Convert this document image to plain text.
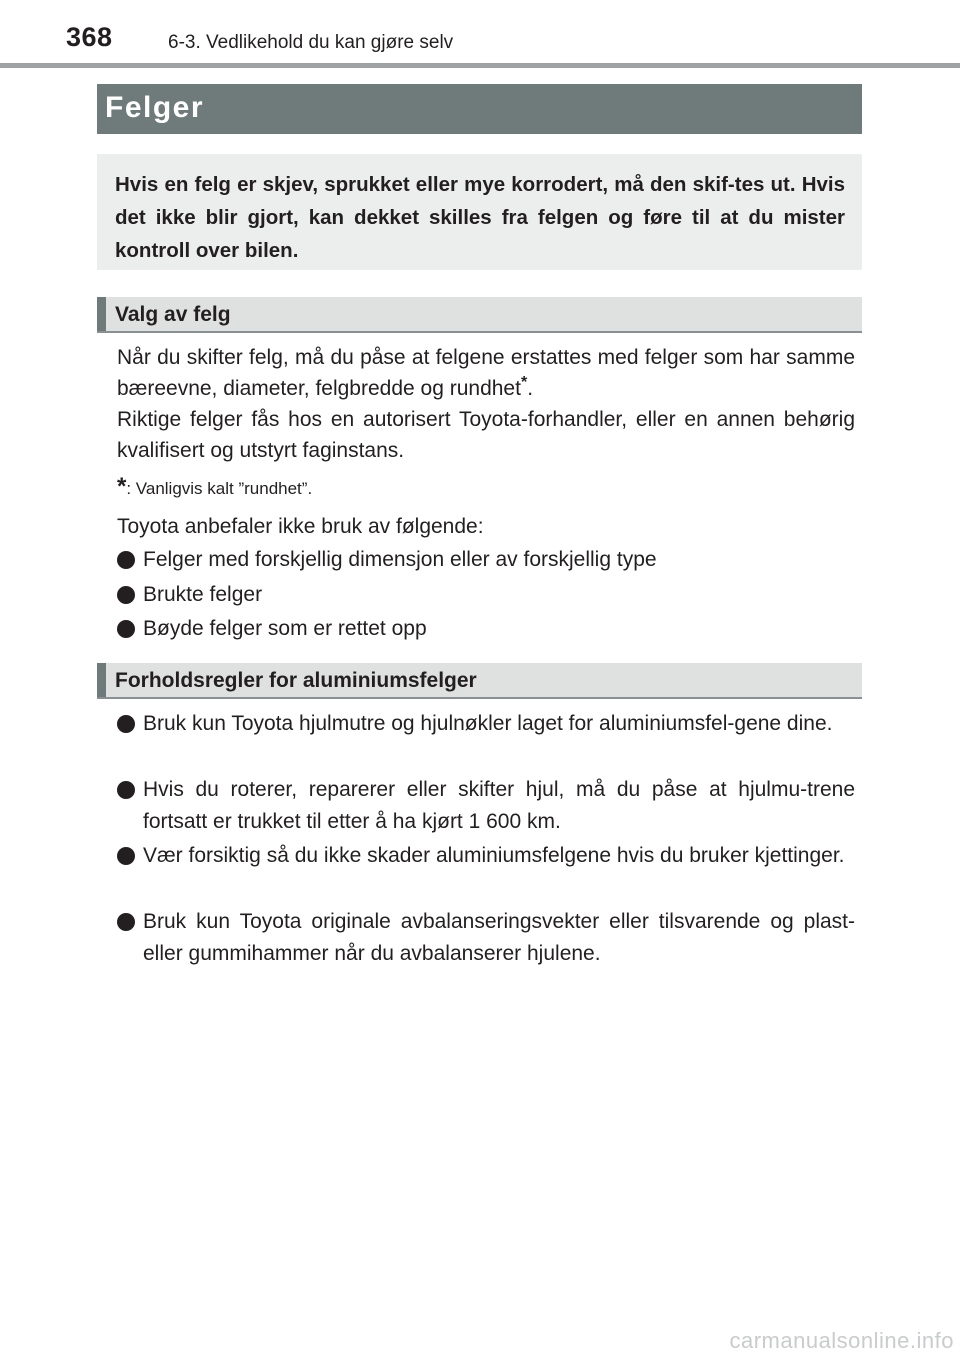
368	6-3. Vedlikehold du kan gjøre selv
Felger
Hvis en felg er skjev, sprukket eller mye korrodert, må den skif-tes ut. Hvis det ikke blir gjort, kan dekket skilles fra felgen og føre til at du mister kontroll over bilen.
Valg av felg
Når du skifter felg, må du påse at felgene erstattes med felger som har samme bæreevne, diameter, felgbredde og rundhet*.
Riktige felger fås hos en autorisert Toyota-forhandler, eller en annen behørig kvalifisert og utstyrt faginstans.
*: Vanligvis kalt ”rundhet”.
Toyota anbefaler ikke bruk av følgende:
Felger med forskjellig dimensjon eller av forskjellig type
Brukte felger
Bøyde felger som er rettet opp
Forholdsregler for aluminiumsfelger
Bruk kun Toyota hjulmutre og hjulnøkler laget for aluminiumsfel-gene dine.
Hvis du roterer, reparerer eller skifter hjul, må du påse at hjulmu-trene fortsatt er trukket til etter å ha kjørt 1 600 km.
Vær forsiktig så du ikke skader aluminiumsfelgene hvis du bruker kjettinger.
Bruk kun Toyota originale avbalanseringsvekter eller tilsvarende og plast- eller gummihammer når du avbalanserer hjulene.
carmanualsonline.info
